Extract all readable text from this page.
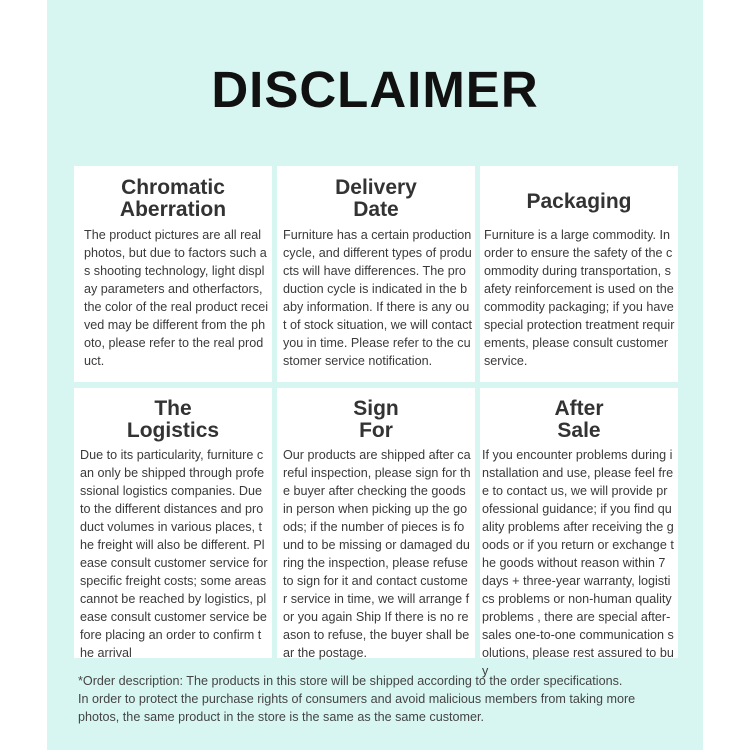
DISCLAIMER
Chromatic
Aberration
The product pictures are all real photos, but due to factors such as shooting technology, light display parameters and otherfactors, the color of the real product received may be different from the photo, please refer to the real product.
Delivery
Date
Furniture has a certain production cycle, and different types of products will have differences. The production cycle is indicated in the baby information. If there is any out of stock situation, we will contact you in time. Please refer to the customer service notification.
Packaging
Furniture is a large commodity. In order to ensure the safety of the commodity during transportation, safety reinforcement is used on the commodity packaging; if you have special protection treatment requirements, please consult customer service.
The
Logistics
Due to its particularity, furniture can only be shipped through professional logistics companies. Due to the different distances and product volumes in various places, the freight will also be different. Please consult customer service for specific freight costs; some areas cannot be reached by logistics, please consult customer service before placing an order to confirm the arrival
Sign
For
Our products are shipped after careful inspection, please sign for the buyer after checking the goods in person when picking up the goods; if the number of pieces is found to be missing or damaged during the inspection, please refuse to sign for it and contact customer service in time, we will arrange for you again Ship If there is no reason to refuse, the buyer shall bear the postage.
After
Sale
If you encounter problems during installation and use, please feel free to contact us, we will provide professional guidance; if you find quality problems after receiving the goods or if you return or exchange the goods without reason within 7 days + three-year warranty, logistics problems or non-human quality problems , there are special after-sales one-to-one communication solutions, please rest assured to buy
*Order description: The products in this store will be shipped according to the order specifications.
In order to protect the purchase rights of consumers and avoid malicious members from taking more
photos, the same product in the store is the same as the same customer.
